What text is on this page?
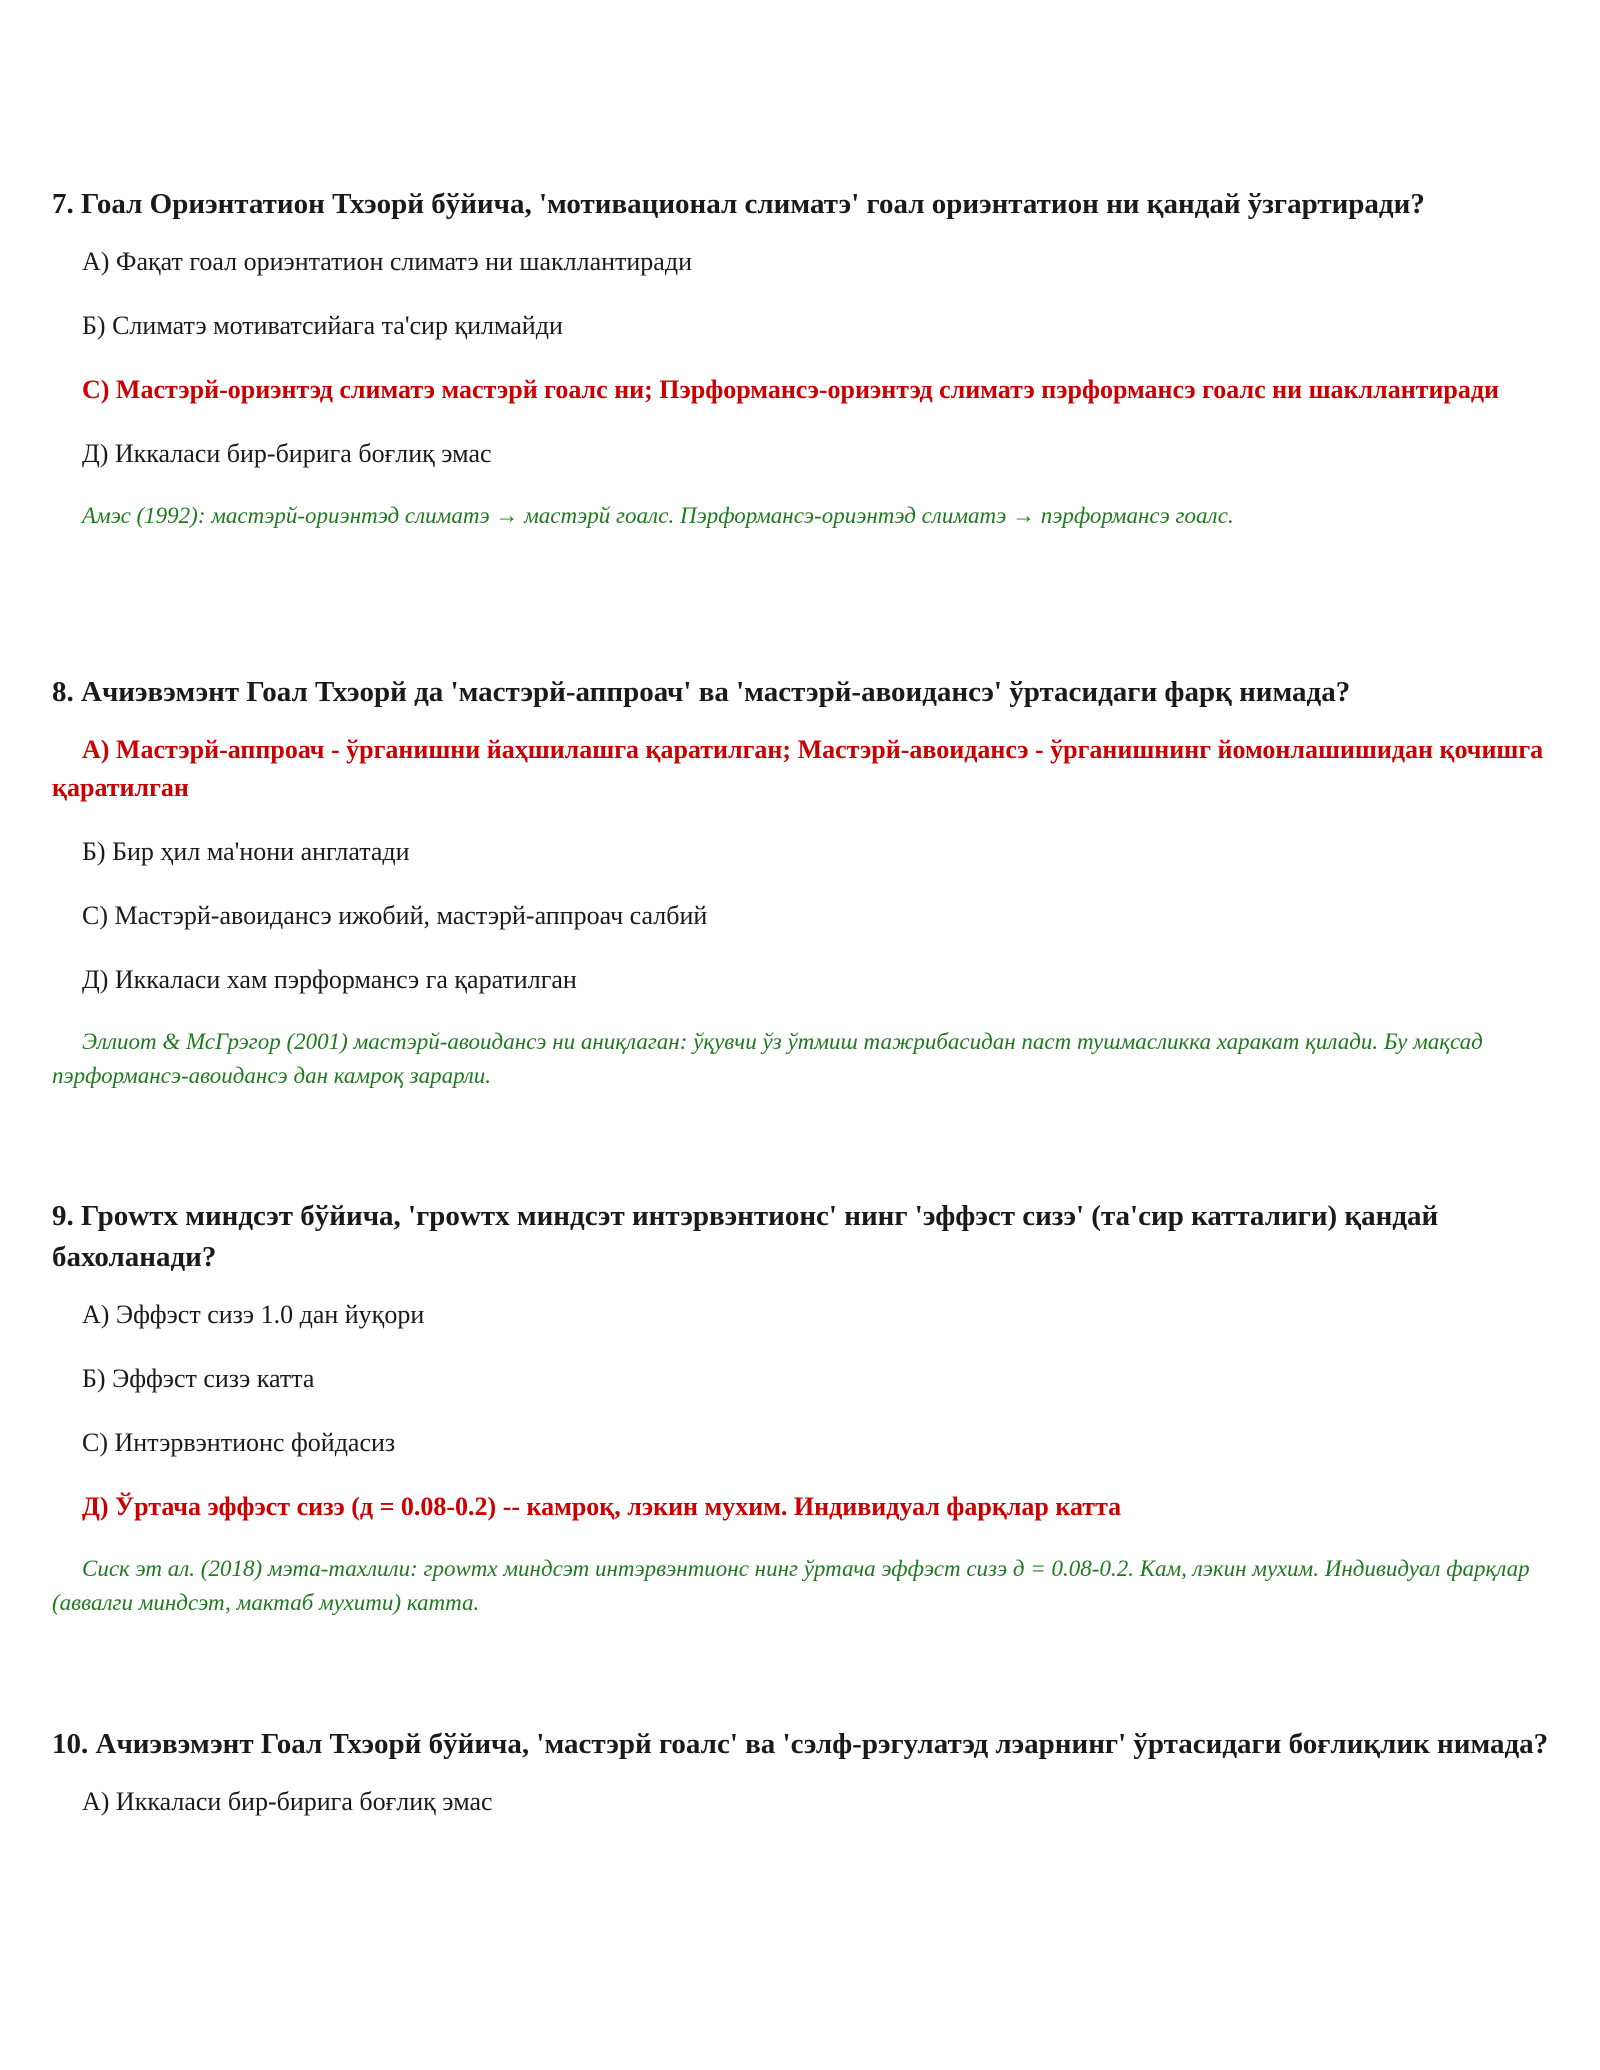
7. Гоал Ориэнтатион Тхэорй бўйича, 'мотивационал слиматэ' гоал ориэнтатион ни қандай ўзгартиради?

А) Фақат гоал ориэнтатион слиматэ ни шакллантиради

Б) Слиматэ мотиватсийага та'сир қилмайди

С) Мастэрй-ориэнтэд слиматэ мастэрй гоалс ни; Пэрформансэ-ориэнтэд слиматэ пэрформансэ гоалс ни шакллантиради

Д) Иккаласи бир-бирига боғлиқ эмас

Амэс (1992): мастэрй-ориэнтэд слиматэ → мастэрй гоалс. Пэрформансэ-ориэнтэд слиматэ → пэрформансэ гоалс.

8. Ачиэвэмэнт Гоал Тхэорй да 'мастэрй-аппроач' ва 'мастэрй-авоидансэ' ўртасидаги фарқ нимада?

А) Мастэрй-аппроач - ўрганишни йаҳшилашга қаратилган; Мастэрй-авоидансэ - ўрганишнинг йомонлашишидан қочишга қаратилган

Б) Бир ҳил ма'нони англатади

С) Мастэрй-авоидансэ ижобий, мастэрй-аппроач салбий

Д) Иккаласи хам пэрформансэ га қаратилган

Эллиот & МсГрэгор (2001) мастэрй-авоидансэ ни аниқлаган: ўқувчи ўз ўтмиш тажрибасидан паст тушмасликка харакат қилади. Бу мақсад пэрформансэ-авоидансэ дан камроқ зарарли.

9. Гроwтх миндсэт бўйича, 'гроwтх миндсэт интэрвэнтионс' нинг 'эффэст сизэ' (та'сир катталиги) қандай бахоланади?

А) Эффэст сизэ 1.0 дан йуқори

Б) Эффэст сизэ катта

С) Интэрвэнтионс фойдасиз

Д) Ўртача эффэст сизэ (д = 0.08-0.2) -- камроқ, лэкин мухим. Индивидуал фарқлар катта

Сиск эт ал. (2018) мэта-тахлили: гроwтх миндсэт интэрвэнтионс нинг ўртача эффэст сизэ д = 0.08-0.2. Кам, лэкин мухим. Индивидуал фарқлар (аввалги миндсэт, мактаб мухити) катта.

10. Ачиэвэмэнт Гоал Тхэорй бўйича, 'мастэрй гоалс' ва 'сэлф-рэгулатэд лэарнинг' ўртасидаги боғлиқлик нимада?

А) Иккаласи бир-бирига боғлиқ эмас
